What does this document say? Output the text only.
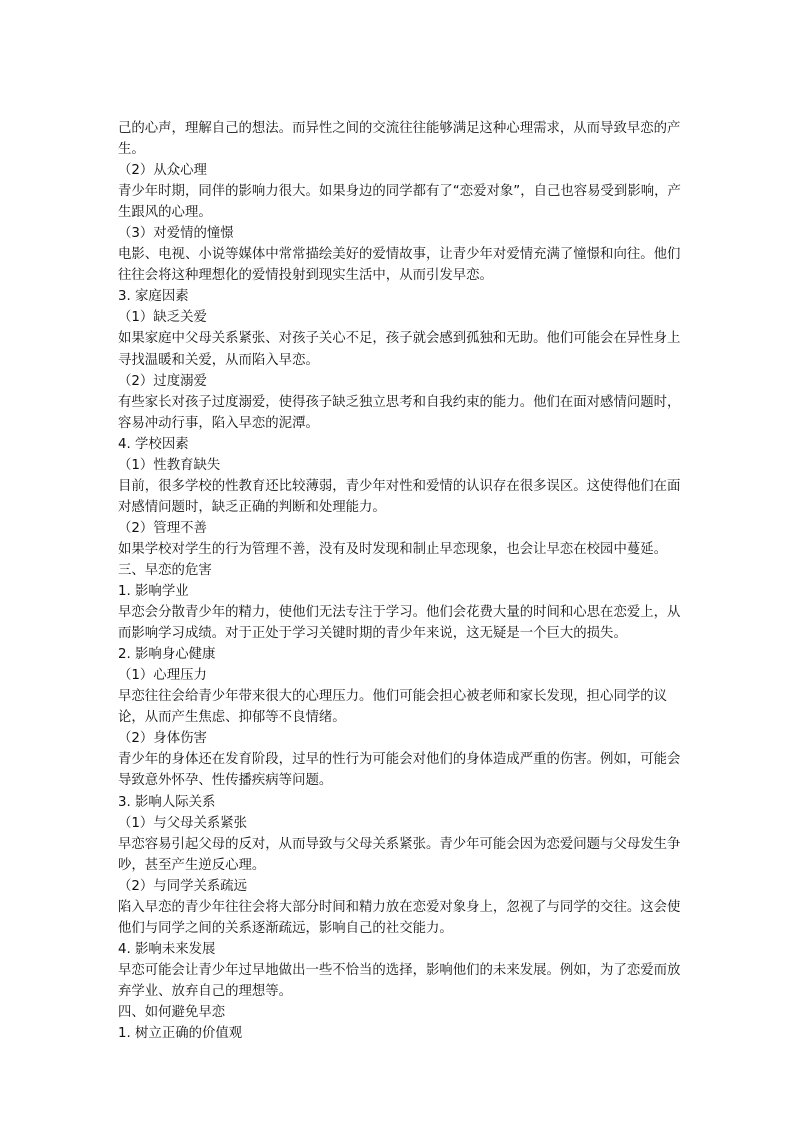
己的心声，理解自己的想法。而异性之间的交流往往能够满足这种心理需求，从而导致早恋的产生。

（2）从众心理

青少年时期，同伴的影响力很大。如果身边的同学都有了“恋爱对象”，自己也容易受到影响，产生跟风的心理。

（3）对爱情的憧憬

电影、电视、小说等媒体中常常描绘美好的爱情故事，让青少年对爱情充满了憧憬和向往。他们往往会将这种理想化的爱情投射到现实生活中，从而引发早恋。

3. 家庭因素

（1）缺乏关爱

如果家庭中父母关系紧张、对孩子关心不足，孩子就会感到孤独和无助。他们可能会在异性身上寻找温暖和关爱，从而陷入早恋。

（2）过度溺爱

有些家长对孩子过度溺爱，使得孩子缺乏独立思考和自我约束的能力。他们在面对感情问题时，容易冲动行事，陷入早恋的泥潭。

4. 学校因素

（1）性教育缺失

目前，很多学校的性教育还比较薄弱，青少年对性和爱情的认识存在很多误区。这使得他们在面对感情问题时，缺乏正确的判断和处理能力。

（2）管理不善

如果学校对学生的行为管理不善，没有及时发现和制止早恋现象，也会让早恋在校园中蔓延。

三、早恋的危害

1. 影响学业

早恋会分散青少年的精力，使他们无法专注于学习。他们会花费大量的时间和心思在恋爱上，从而影响学习成绩。对于正处于学习关键时期的青少年来说，这无疑是一个巨大的损失。

2. 影响身心健康

（1）心理压力

早恋往往会给青少年带来很大的心理压力。他们可能会担心被老师和家长发现，担心同学的议论，从而产生焦虑、抑郁等不良情绪。

（2）身体伤害

青少年的身体还在发育阶段，过早的性行为可能会对他们的身体造成严重的伤害。例如，可能会导致意外怀孕、性传播疾病等问题。

3. 影响人际关系

（1）与父母关系紧张

早恋容易引起父母的反对，从而导致与父母关系紧张。青少年可能会因为恋爱问题与父母发生争吵，甚至产生逆反心理。

（2）与同学关系疏远

陷入早恋的青少年往往会将大部分时间和精力放在恋爱对象身上，忽视了与同学的交往。这会使他们与同学之间的关系逐渐疏远，影响自己的社交能力。

4. 影响未来发展

早恋可能会让青少年过早地做出一些不恰当的选择，影响他们的未来发展。例如，为了恋爱而放弃学业、放弃自己的理想等。

四、如何避免早恋

1. 树立正确的价值观
